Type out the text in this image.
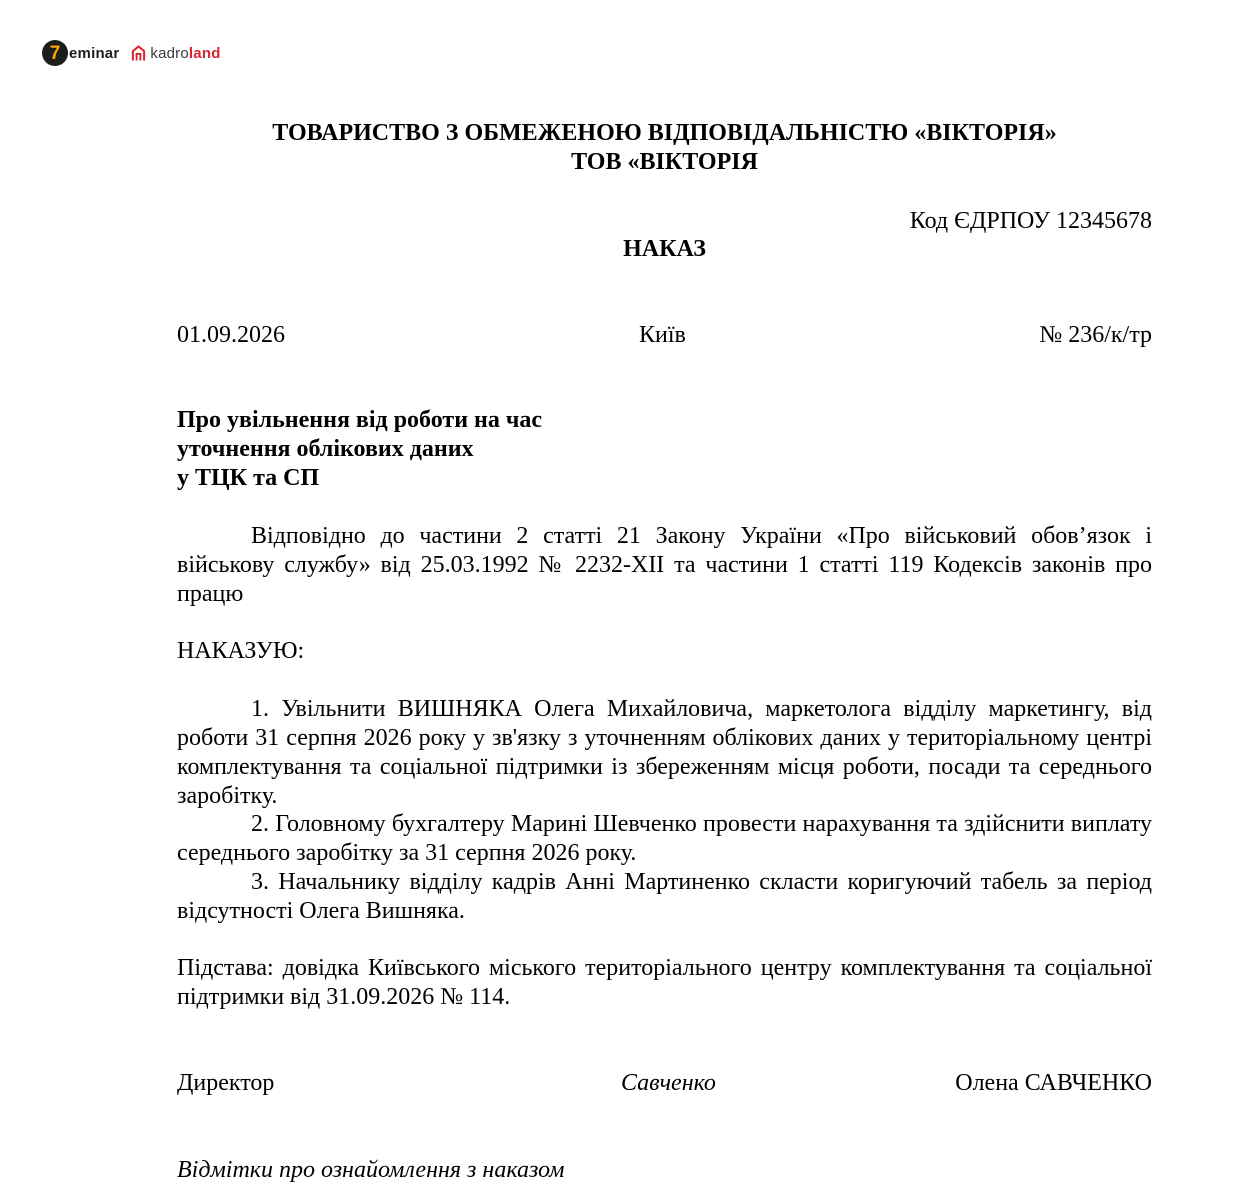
7 eminar kadroland
ТОВАРИСТВО З ОБМЕЖЕНОЮ ВІДПОВІДАЛЬНІСТЮ «ВІКТОРІЯ»
ТОВ «ВІКТОРІЯ
Код ЄДРПОУ 12345678
НАКАЗ
01.09.2026	Київ	№ 236/к/тр
Про увільнення від роботи на час
уточнення облікових даних
у ТЦК та СП
Відповідно до частини 2 статті 21 Закону України «Про військовий обов’язок і військову службу» від 25.03.1992 № 2232-XII та частини 1 статті 119 Кодексів законів про працю
НАКАЗУЮ:
1. Увільнити ВИШНЯКА Олега Михайловича, маркетолога відділу маркетингу, від роботи 31 серпня 2026 року у зв'язку з уточненням облікових даних у територіальному центрі комплектування та соціальної підтримки із збереженням місця роботи, посади та середнього заробітку.
2. Головному бухгалтеру Марині Шевченко провести нарахування та здійснити виплату середнього заробітку за 31 серпня 2026 року.
3. Начальнику відділу кадрів Анні Мартиненко скласти коригуючий табель за період відсутності Олега Вишняка.
Підстава: довідка Київського міського територіального центру комплектування та соціальної підтримки від 31.09.2026 № 114.
Директор	Савченко	Олена САВЧЕНКО
Відмітки про ознайомлення з наказом
